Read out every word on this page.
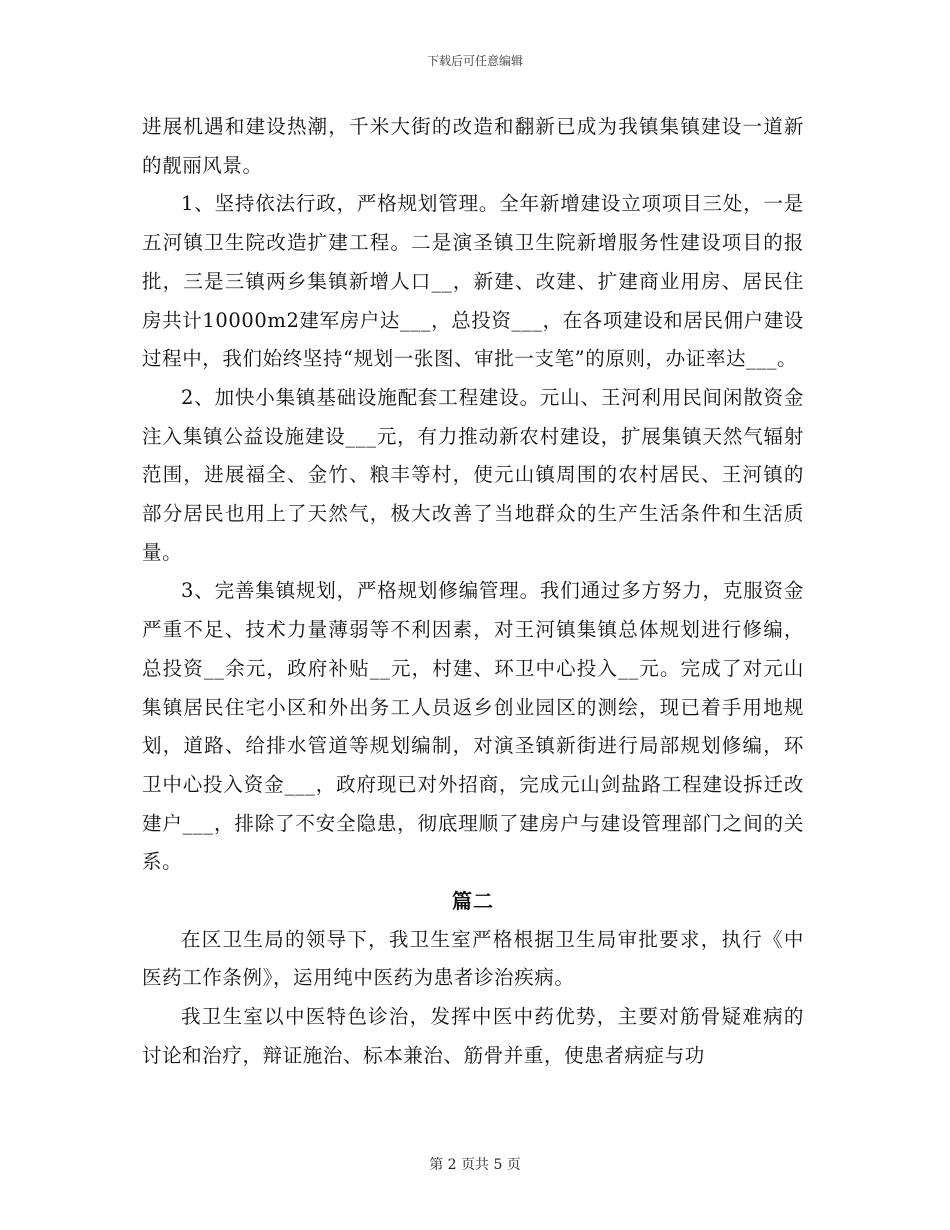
下载后可任意编辑

进展机遇和建设热潮，千米大街的改造和翻新已成为我镇集镇建设一道新的靓丽风景。

1、坚持依法行政，严格规划管理。全年新增建设立项项目三处，一是五河镇卫生院改造扩建工程。二是演圣镇卫生院新增服务性建设项目的报批，三是三镇两乡集镇新增人口__，新建、改建、扩建商业用房、居民住房共计10000m2建军房户达___，总投资___，在各项建设和居民佣户建设过程中，我们始终坚持“规划一张图、审批一支笔”的原则，办证率达___。

2、加快小集镇基础设施配套工程建设。元山、王河利用民间闲散资金注入集镇公益设施建设___元，有力推动新农村建设，扩展集镇天然气辐射范围，进展福全、金竹、粮丰等村，使元山镇周围的农村居民、王河镇的部分居民也用上了天然气，极大改善了当地群众的生产生活条件和生活质量。

3、完善集镇规划，严格规划修编管理。我们通过多方努力，克服资金严重不足、技术力量薄弱等不利因素，对王河镇集镇总体规划进行修编，总投资__余元，政府补贴__元，村建、环卫中心投入__元。完成了对元山集镇居民住宅小区和外出务工人员返乡创业园区的测绘，现已着手用地规划，道路、给排水管道等规划编制，对演圣镇新街进行局部规划修编，环卫中心投入资金___，政府现已对外招商，完成元山剑盐路工程建设拆迁改建户___，排除了不安全隐患，彻底理顺了建房户与建设管理部门之间的关系。

篇二

在区卫生局的领导下，我卫生室严格根据卫生局审批要求，执行《中医药工作条例》，运用纯中医药为患者诊治疾病。

我卫生室以中医特色诊治，发挥中医中药优势，主要对筋骨疑难病的讨论和治疗，辩证施治、标本兼治、筋骨并重，使患者病症与功

第 2 页共 5 页
